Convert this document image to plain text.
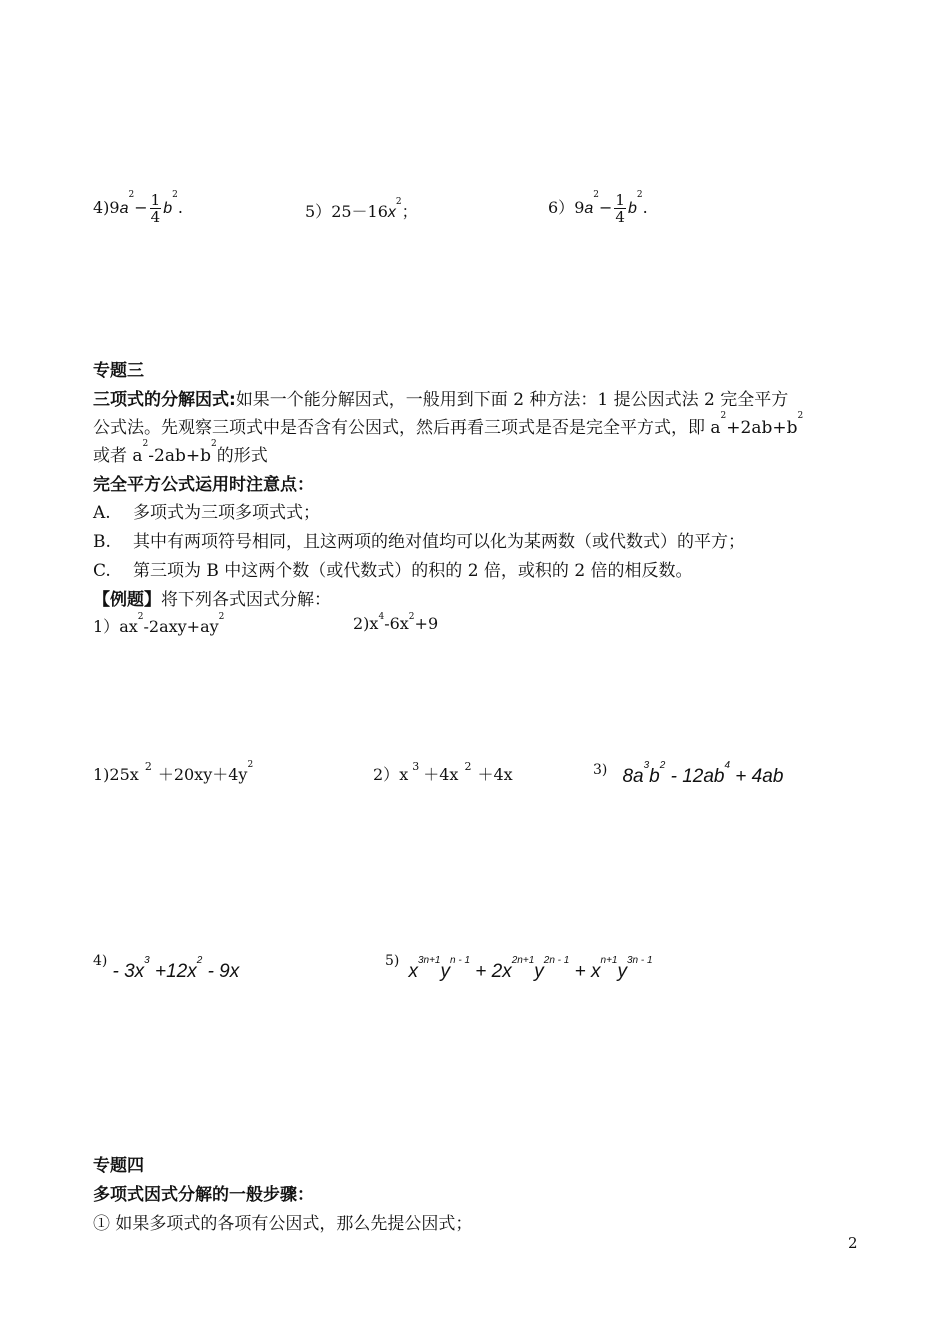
$4)9a^2- \frac{1}{4} b^2$.	$5)25-16x^2$；	$6)9a^2- \frac{1}{4} b^2$.
专题三
三项式的分解因式:如果一个能分解因式，一般用到下面 2 种方法：1 提公因式法 2 完全平方
公式法。先观察三项式中是否含有公因式，然后再看三项式是否是完全平方式，即 $a^2+2ab+b^2$
或者 $a^2-2ab+b^2$的形式
完全平方公式运用时注意点：
A. 多项式为三项多项式式；
B. 其中有两项符号相同，且这两项的绝对值均可以化为某两数（或代数式）的平方；
C. 第三项为 B 中这两个数（或代数式）的积的 2 倍，或积的 2 倍的相反数。
【例题】将下列各式因式分解：
$1)ax^2-2axy+ay^2$	$2)x^4-6x^2+9$
1)25x $^2 +20xy+4y^2$	2）x $^3$ ＋4x $^2$ ＋4x	3) $8a^3b^2 - 12ab^4 + 4ab$
$4) - 3x^3 +12x^2 - 9x$	5) $x^{3n+1}y^{n - 1} + 2x^{2n+1}y^{2n - 1} + x^{n+1}y^{3n - 1}$
专题四
多项式因式分解的一般步骤：
① 如果多项式的各项有公因式，那么先提公因式；
2
